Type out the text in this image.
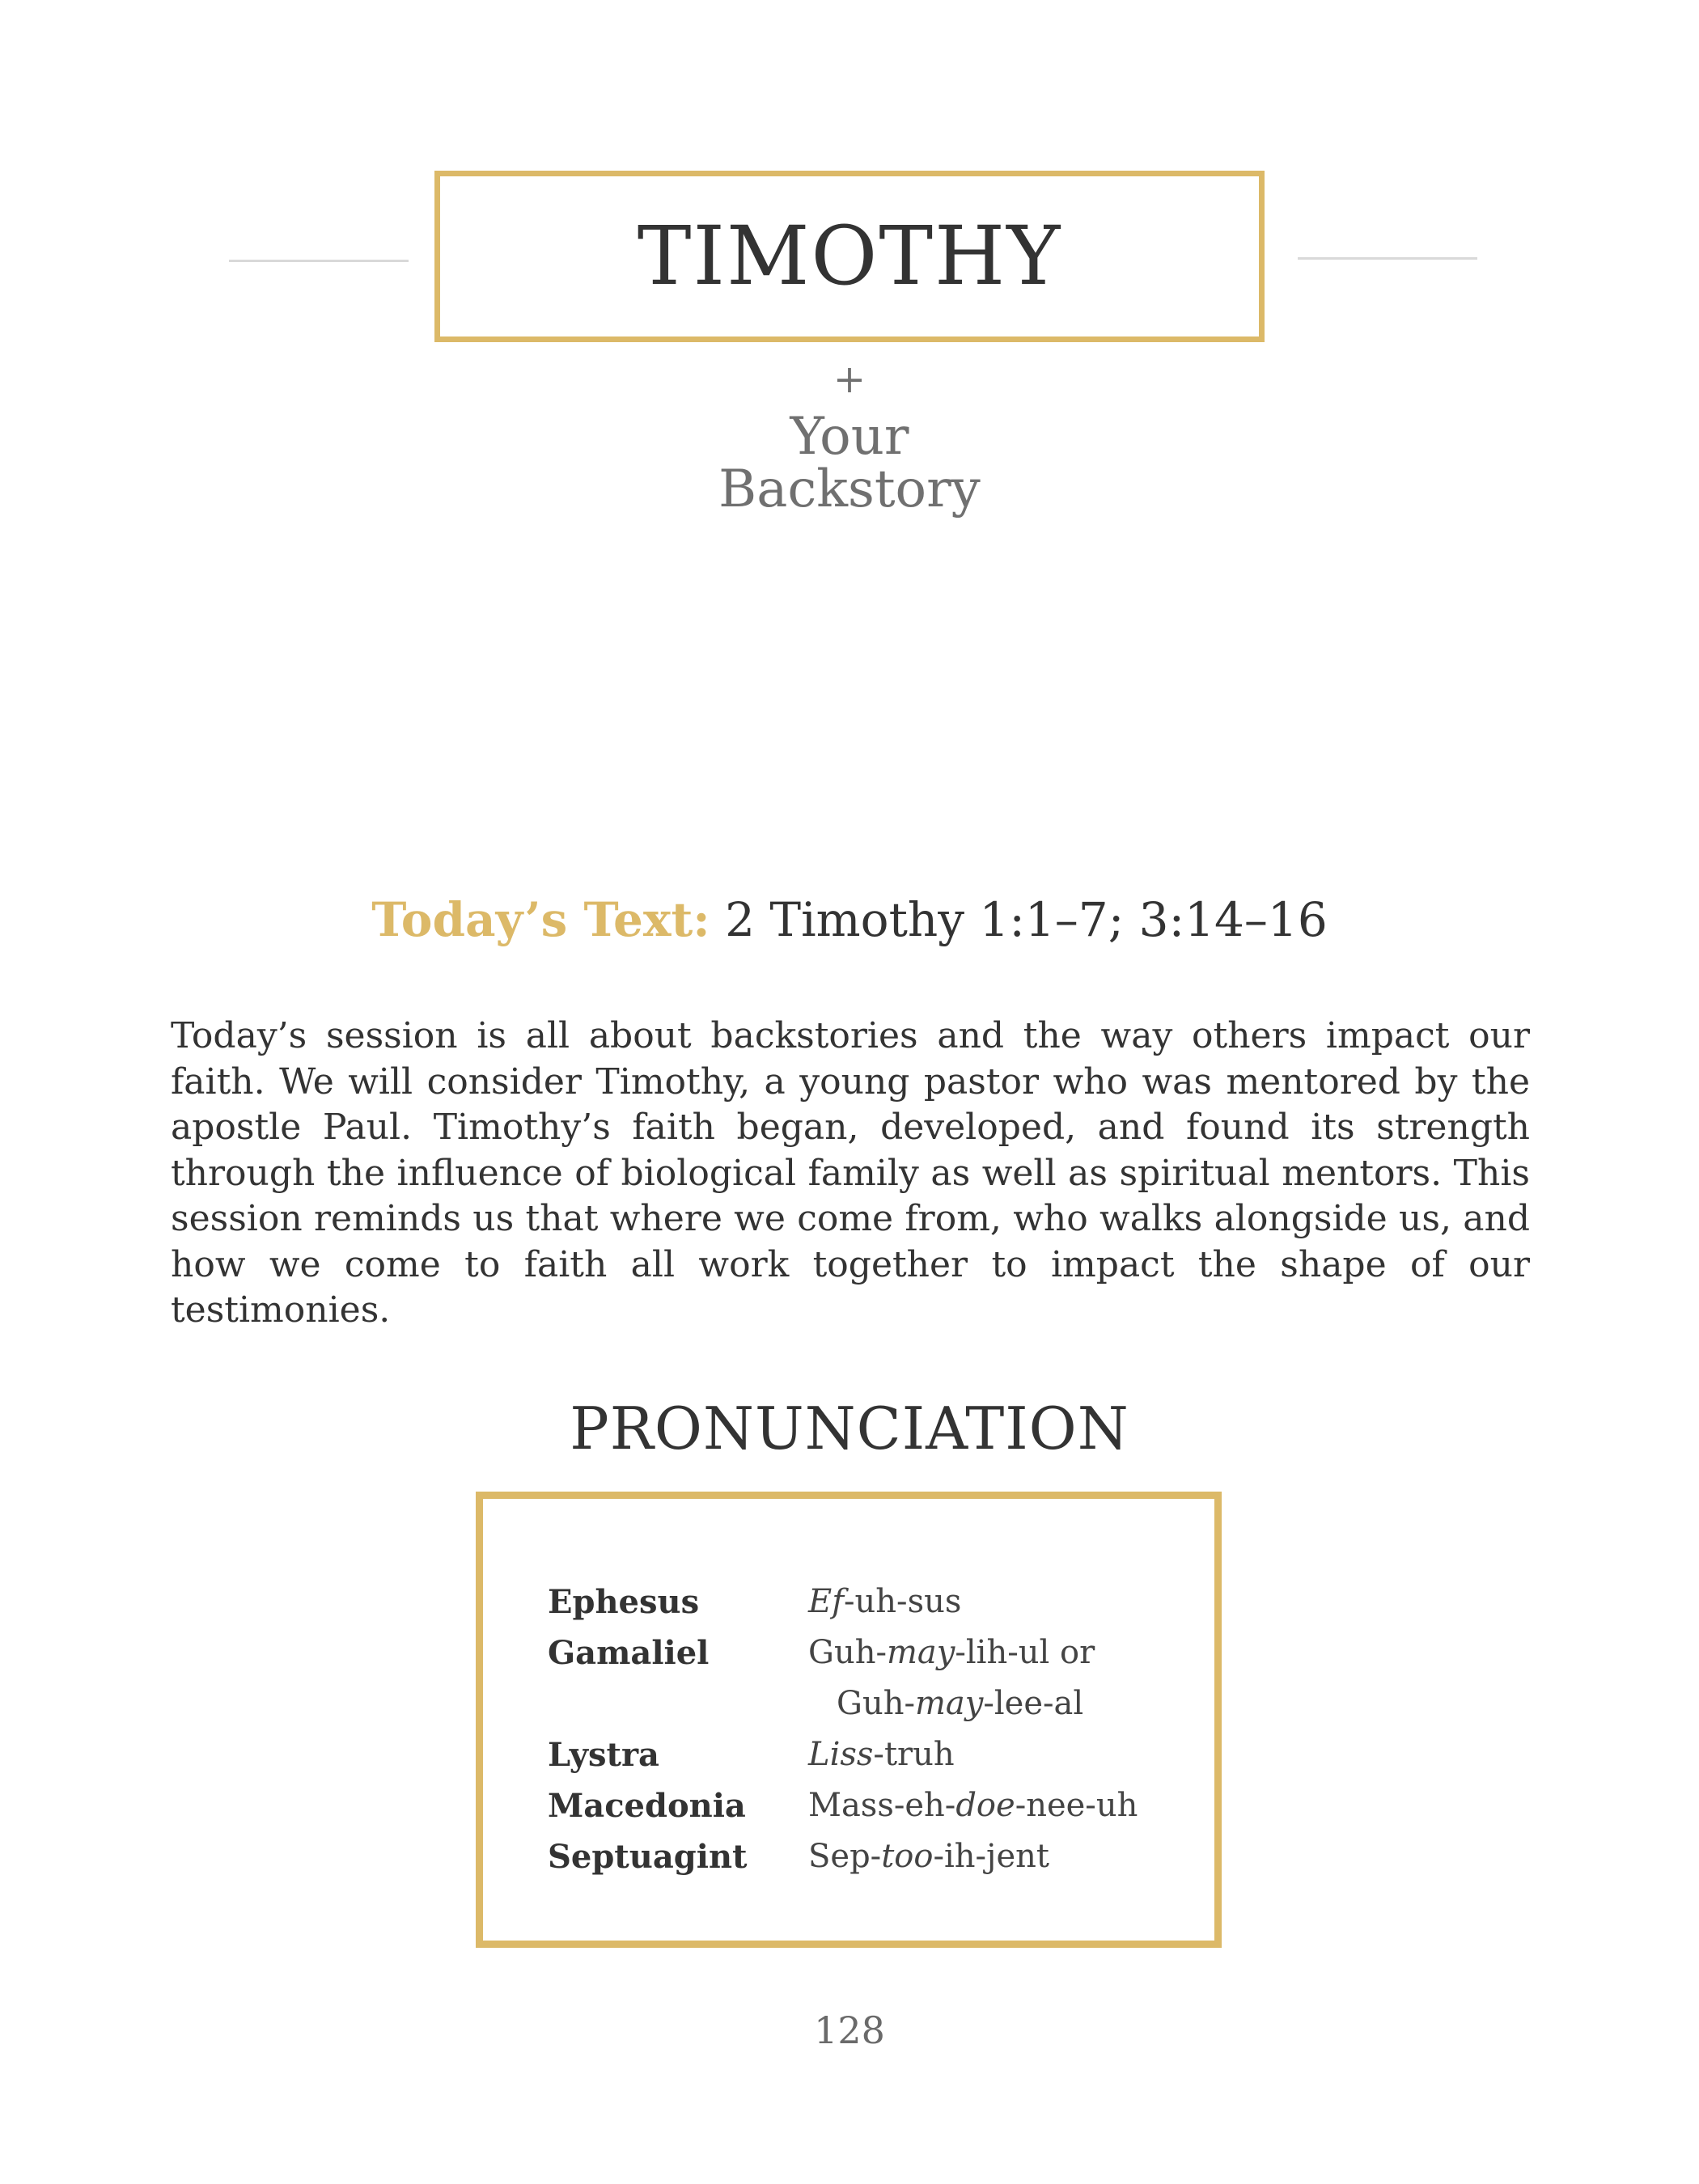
TIMOTHY
+
Your
Backstory
Today’s Text: 2 Timothy 1:1–7; 3:14–16

Today’s session is all about backstories and the way others impact our faith. We will consider Timothy, a young pastor who was mentored by the apostle Paul. Timothy’s faith began, developed, and found its strength through the influence of biological family as well as spiritual mentors. This session reminds us that where we come from, who walks alongside us, and how we come to faith all work together to impact the shape of our testimonies.

PRONUNCIATION
Ephesus	Ef-uh-sus
Gamaliel	Guh-may-lih-ul or
Guh-may-lee-al
Lystra	Liss-truh
Macedonia	Mass-eh-doe-nee-uh
Septuagint	Sep-too-ih-jent
128
